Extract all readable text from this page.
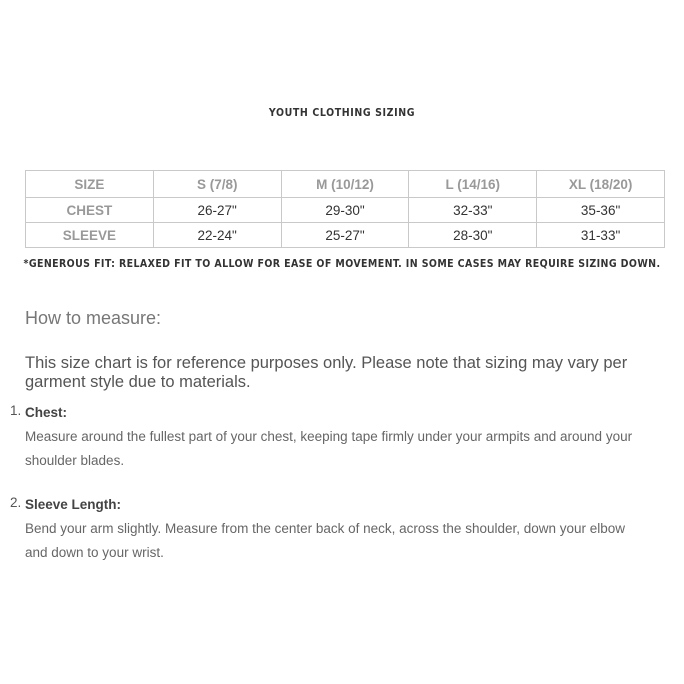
YOUTH CLOTHING SIZING
SIZE	S (7/8)	M (10/12)	L (14/16)	XL (18/20)
CHEST	26-27"	29-30"	32-33"	35-36"
SLEEVE	22-24"	25-27"	28-30"	31-33"
*GENEROUS FIT: RELAXED FIT TO ALLOW FOR EASE OF MOVEMENT. IN SOME CASES MAY REQUIRE SIZING DOWN.
How to measure:
This size chart is for reference purposes only. Please note that sizing may vary per garment style due to materials.
1. Chest:
Measure around the fullest part of your chest, keeping tape firmly under your armpits and around your shoulder blades.
2. Sleeve Length:
Bend your arm slightly. Measure from the center back of neck, across the shoulder, down your elbow and down to your wrist.
